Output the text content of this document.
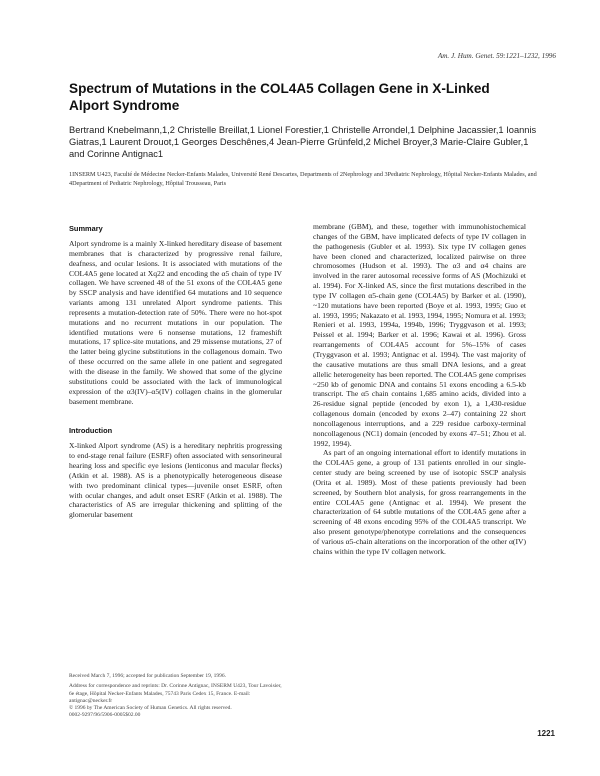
Am. J. Hum. Genet. 59:1221–1232, 1996
Spectrum of Mutations in the COL4A5 Collagen Gene in X-Linked Alport Syndrome
Bertrand Knebelmann,1,2 Christelle Breillat,1 Lionel Forestier,1 Christelle Arrondel,1 Delphine Jacassier,1 Ioannis Giatras,1 Laurent Drouot,1 Georges Deschênes,4 Jean-Pierre Grünfeld,2 Michel Broyer,3 Marie-Claire Gubler,1 and Corinne Antignac1
1INSERM U423, Faculté de Médecine Necker-Enfants Malades, Université René Descartes, Departments of 2Nephrology and 3Pediatric Nephrology, Hôpital Necker-Enfants Malades, and 4Department of Pediatric Nephrology, Hôpital Trousseau, Paris
Summary

Alport syndrome is a mainly X-linked hereditary disease of basement membranes that is characterized by progressive renal failure, deafness, and ocular lesions. It is associated with mutations of the COL4A5 gene located at Xq22 and encoding the α5 chain of type IV collagen. We have screened 48 of the 51 exons of the COL4A5 gene by SSCP analysis and have identified 64 mutations and 10 sequence variants among 131 unrelated Alport syndrome patients. This represents a mutation-detection rate of 50%. There were no hot-spot mutations and no recurrent mutations in our population. The identified mutations were 6 nonsense mutations, 12 frameshift mutations, 17 splice-site mutations, and 29 missense mutations, 27 of the latter being glycine substitutions in the collagenous domain. Two of these occurred on the same allele in one patient and segregated with the disease in the family. We showed that some of the glycine substitutions could be associated with the lack of immunological expression of the α3(IV)–α5(IV) collagen chains in the glomerular basement membrane.

Introduction

X-linked Alport syndrome (AS) is a hereditary nephritis progressing to end-stage renal failure (ESRF) often associated with sensorineural hearing loss and specific eye lesions (lenticonus and macular flecks) (Atkin et al. 1988). AS is a phenotypically heterogeneous disease with two predominant clinical types—juvenile onset ESRF, often with ocular changes, and adult onset ESRF (Atkin et al. 1988). The characteristics of AS are irregular thickening and splitting of the glomerular basement

membrane (GBM), and these, together with immunohistochemical changes of the GBM, have implicated defects of type IV collagen in the pathogenesis (Gubler et al. 1993). Six type IV collagen genes have been cloned and characterized, localized pairwise on three chromosomes (Hudson et al. 1993). The α3 and α4 chains are involved in the rarer autosomal recessive forms of AS (Mochizuki et al. 1994). For X-linked AS, since the first mutations described in the type IV collagen α5-chain gene (COL4A5) by Barker et al. (1990), ~120 mutations have been reported (Boye et al. 1993, 1995; Guo et al. 1993, 1995; Nakazato et al. 1993, 1994, 1995; Nomura et al. 1993; Renieri et al. 1993, 1994a, 1994b, 1996; Tryggvason et al. 1993; Peissel et al. 1994; Barker et al. 1996; Kawai et al. 1996). Gross rearrangements of COL4A5 account for 5%–15% of cases (Tryggvason et al. 1993; Antignac et al. 1994). The vast majority of the causative mutations are thus small DNA lesions, and a great allelic heterogeneity has been reported. The COL4A5 gene comprises ~250 kb of genomic DNA and contains 51 exons encoding a 6.5-kb transcript. The α5 chain contains 1,685 amino acids, divided into a 26-residue signal peptide (encoded by exon 1), a 1,430-residue collagenous domain (encoded by exons 2–47) containing 22 short noncollagenous interruptions, and a 229 residue carboxy-terminal noncollagenous (NC1) domain (encoded by exons 47–51; Zhou et al. 1992, 1994).

As part of an ongoing international effort to identify mutations in the COL4A5 gene, a group of 131 patients enrolled in our single-center study are being screened by use of isotopic SSCP analysis (Orita et al. 1989). Most of these patients previously had been screened, by Southern blot analysis, for gross rearrangements in the entire COL4A5 gene (Antignac et al. 1994). We present the characterization of 64 subtle mutations of the COL4A5 gene after a screening of 48 exons encoding 95% of the COL4A5 transcript. We also present genotype/phenotype correlations and the consequences of various α5-chain alterations on the incorporation of the other α(IV) chains within the type IV collagen network.

Received March 7, 1996; accepted for publication September 19, 1996.
Address for correspondence and reprints: Dr. Corinne Antignac, INSERM U423, Tour Lavoisier, 6e étage, Hôpital Necker-Enfants Malades, 75743 Paris Cedex 15, France. E-mail: antignac@necker.fr
© 1996 by The American Society of Human Genetics. All rights reserved.
0002-9297/96/5906-0005$02.00
1221
